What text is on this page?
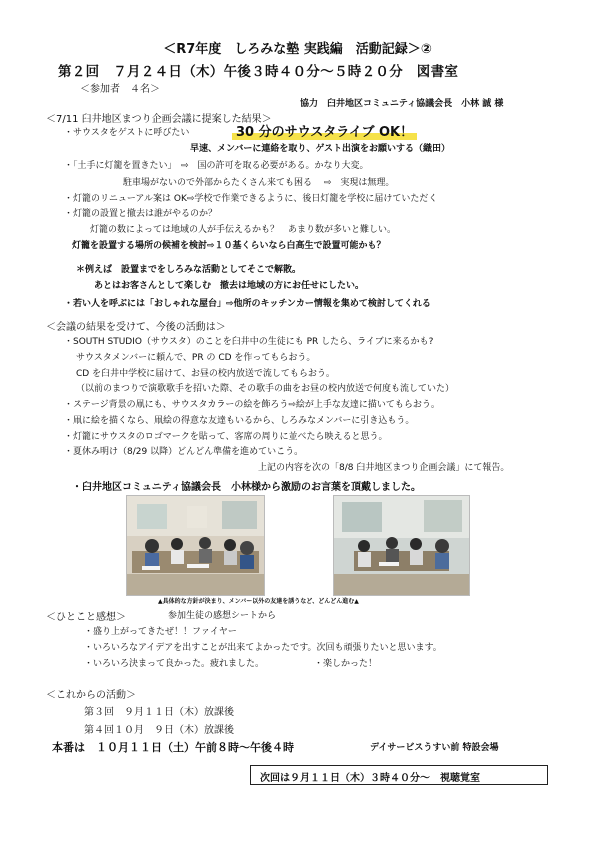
＜R7年度　しろみな塾 実践編　活動記録＞②
第２回　７月２４日（木）午後３時４０分～５時２０分　図書室
＜参加者　４名＞
協力　臼井地区コミュニティ協議会長　小林 誠 様
＜7/11 臼井地区まつり企画会議に提案した結果＞
・サウスタをゲストに呼びたい	30 分のサウスタライブ OK！
早速、メンバーに連絡を取り、ゲスト出演をお願いする（織田）
・「土手に灯籠を置きたい」　⇨　国の許可を取る必要がある。かなり大変。
駐車場がないので外部からたくさん来ても困る　 ⇨　実現は無理。
・灯籠のリニューアル案は OK⇨学校で作業できるように、後日灯籠を学校に届けていただく
・灯籠の設置と撤去は誰がやるのか？
灯籠の数によっては地域の人が手伝えるかも？　あまり数が多いと難しい。
灯籠を設置する場所の候補を検討⇨１０基くらいなら白高生で設置可能かも？
＊例えば　設置までをしろみな活動としてそこで解散。
あとはお客さんとして楽しむ　撤去は地域の方にお任せにしたい。
・若い人を呼ぶには「おしゃれな屋台」⇨他所のキッチンカー情報を集めて検討してくれる
＜会議の結果を受けて、今後の活動は＞
・SOUTH STUDIO（サウスタ）のことを臼井中の生徒にも PR したら、ライブに来るかも?
サウスタメンバーに頼んで、PR の CD を作ってもらおう。
CD を臼井中学校に届けて、お昼の校内放送で流してもらおう。
（以前のまつりで演歌歌手を招いた際、その歌手の曲をお昼の校内放送で何度も流していた）
・ステージ背景の凧にも、サウスタカラーの絵を飾ろう⇨絵が上手な友達に描いてもらおう。
・凧に絵を描くなら、凧絵の得意な友達もいるから、しろみなメンバーに引き込もう。
・灯籠にサウスタのロゴマークを貼って、客席の周りに並べたら映えると思う。
・夏休み明け（8/29 以降）どんどん準備を進めていこう。
上記の内容を次の「8/8 臼井地区まつり企画会議」にて報告。
・臼井地区コミュニティ協議会長　小林様から激励のお言葉を頂戴しました。
▲具体的な方針が決まり、メンバー以外の友達を誘うなど、どんどん進む▲
＜ひとこと感想＞	参加生徒の感想シートから
・盛り上がってきたぜ！！ファイヤー
・いろいろなアイデアを出すことが出来てよかったです。次回も頑張りたいと思います。
・いろいろ決まって良かった。疲れました。	・楽しかった！
＜これからの活動＞
第３回　９月１１日（木）放課後
第４回１０月　９日（木）放課後
本番は　１０月１１日（土）午前８時～午後４時	デイサービスうすい前 特設会場
次回は９月１１日（木）３時４０分～　視聴覚室
